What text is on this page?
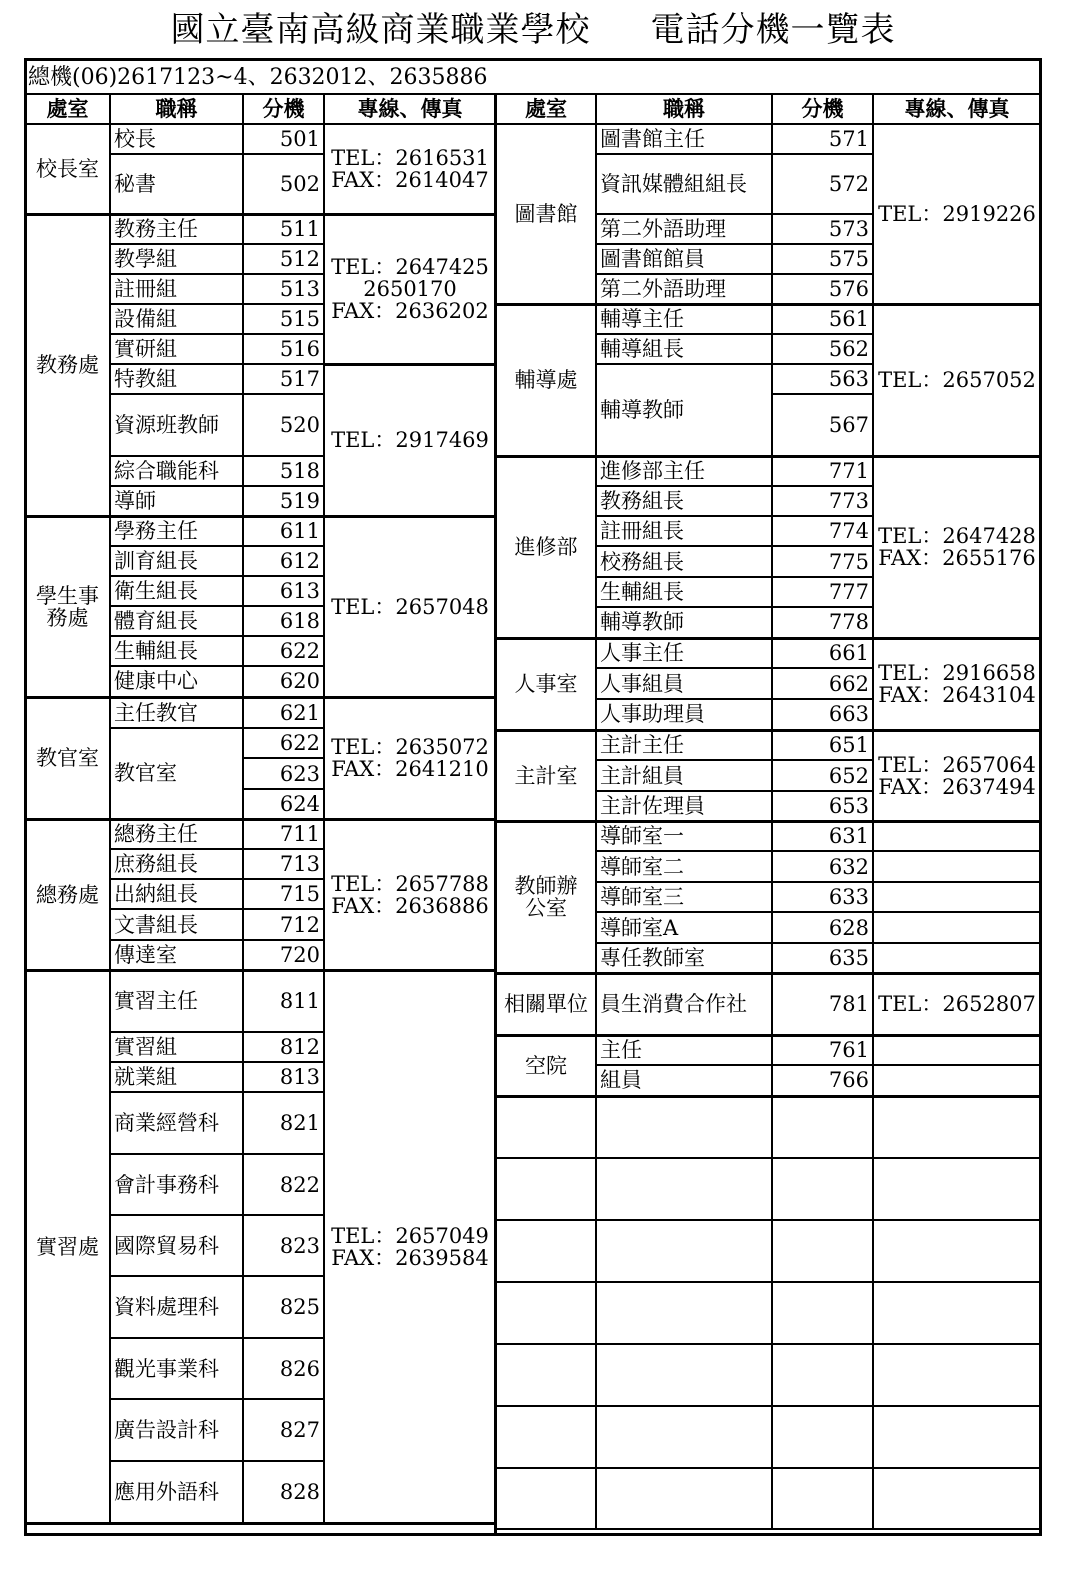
國立臺南高級商業職業學校 電話分機一覽表
總機(06)2617123~4、2632012、2635886
處室	職稱	分機	專線、傳真
校長室	校長	501	TEL：2616531
FAX：2614047
	秘書	502	
教務處	教務主任	511	TEL：2647425
2650170
FAX：2636202
	教學組	512	
	註冊組	513	
	設備組	515	
	實研組	516	
	特教組	517	TEL：2917469
	資源班教師	520	
	綜合職能科	518	
	導師	519	
學生事
務處	學務主任	611	TEL：2657048
	訓育組長	612	
	衛生組長	613	
	體育組長	618	
	生輔組長	622	
	健康中心	620	
教官室	主任教官	621	TEL：2635072
FAX：2641210
	教官室	622	
		623	
		624	
總務處	總務主任	711	TEL：2657788
FAX：2636886
	庶務組長	713	
	出納組長	715	
	文書組長	712	
	傳達室	720	
實習處	實習主任	811	TEL：2657049
FAX：2639584
	實習組	812	
	就業組	813	
	商業經營科	821	
	會計事務科	822	
	國際貿易科	823	
	資料處理科	825	
	觀光事業科	826	
	廣告設計科	827	
	應用外語科	828	
處室	職稱	分機	專線、傳真
圖書館	圖書館主任	571	TEL：2919226
	資訊媒體組組長	572	
	第二外語助理	573	
	圖書館館員	575	
	第二外語助理	576	
輔導處	輔導主任	561	TEL：2657052
	輔導組長	562	
	輔導教師	563	
		567	
進修部	進修部主任	771	TEL：2647428
FAX：2655176
	教務組長	773	
	註冊組長	774	
	校務組長	775	
	生輔組長	777	
	輔導教師	778	
人事室	人事主任	661	TEL：2916658
FAX：2643104
	人事組員	662	
	人事助理員	663	
主計室	主計主任	651	TEL：2657064
FAX：2637494
	主計組員	652	
	主計佐理員	653	
教師辦
公室	導師室一	631	
	導師室二	632	
	導師室三	633	
	導師室A	628	
	專任教師室	635	
相關單位	員生消費合作社	781	TEL：2652807
空院	主任	761	
	組員	766	
